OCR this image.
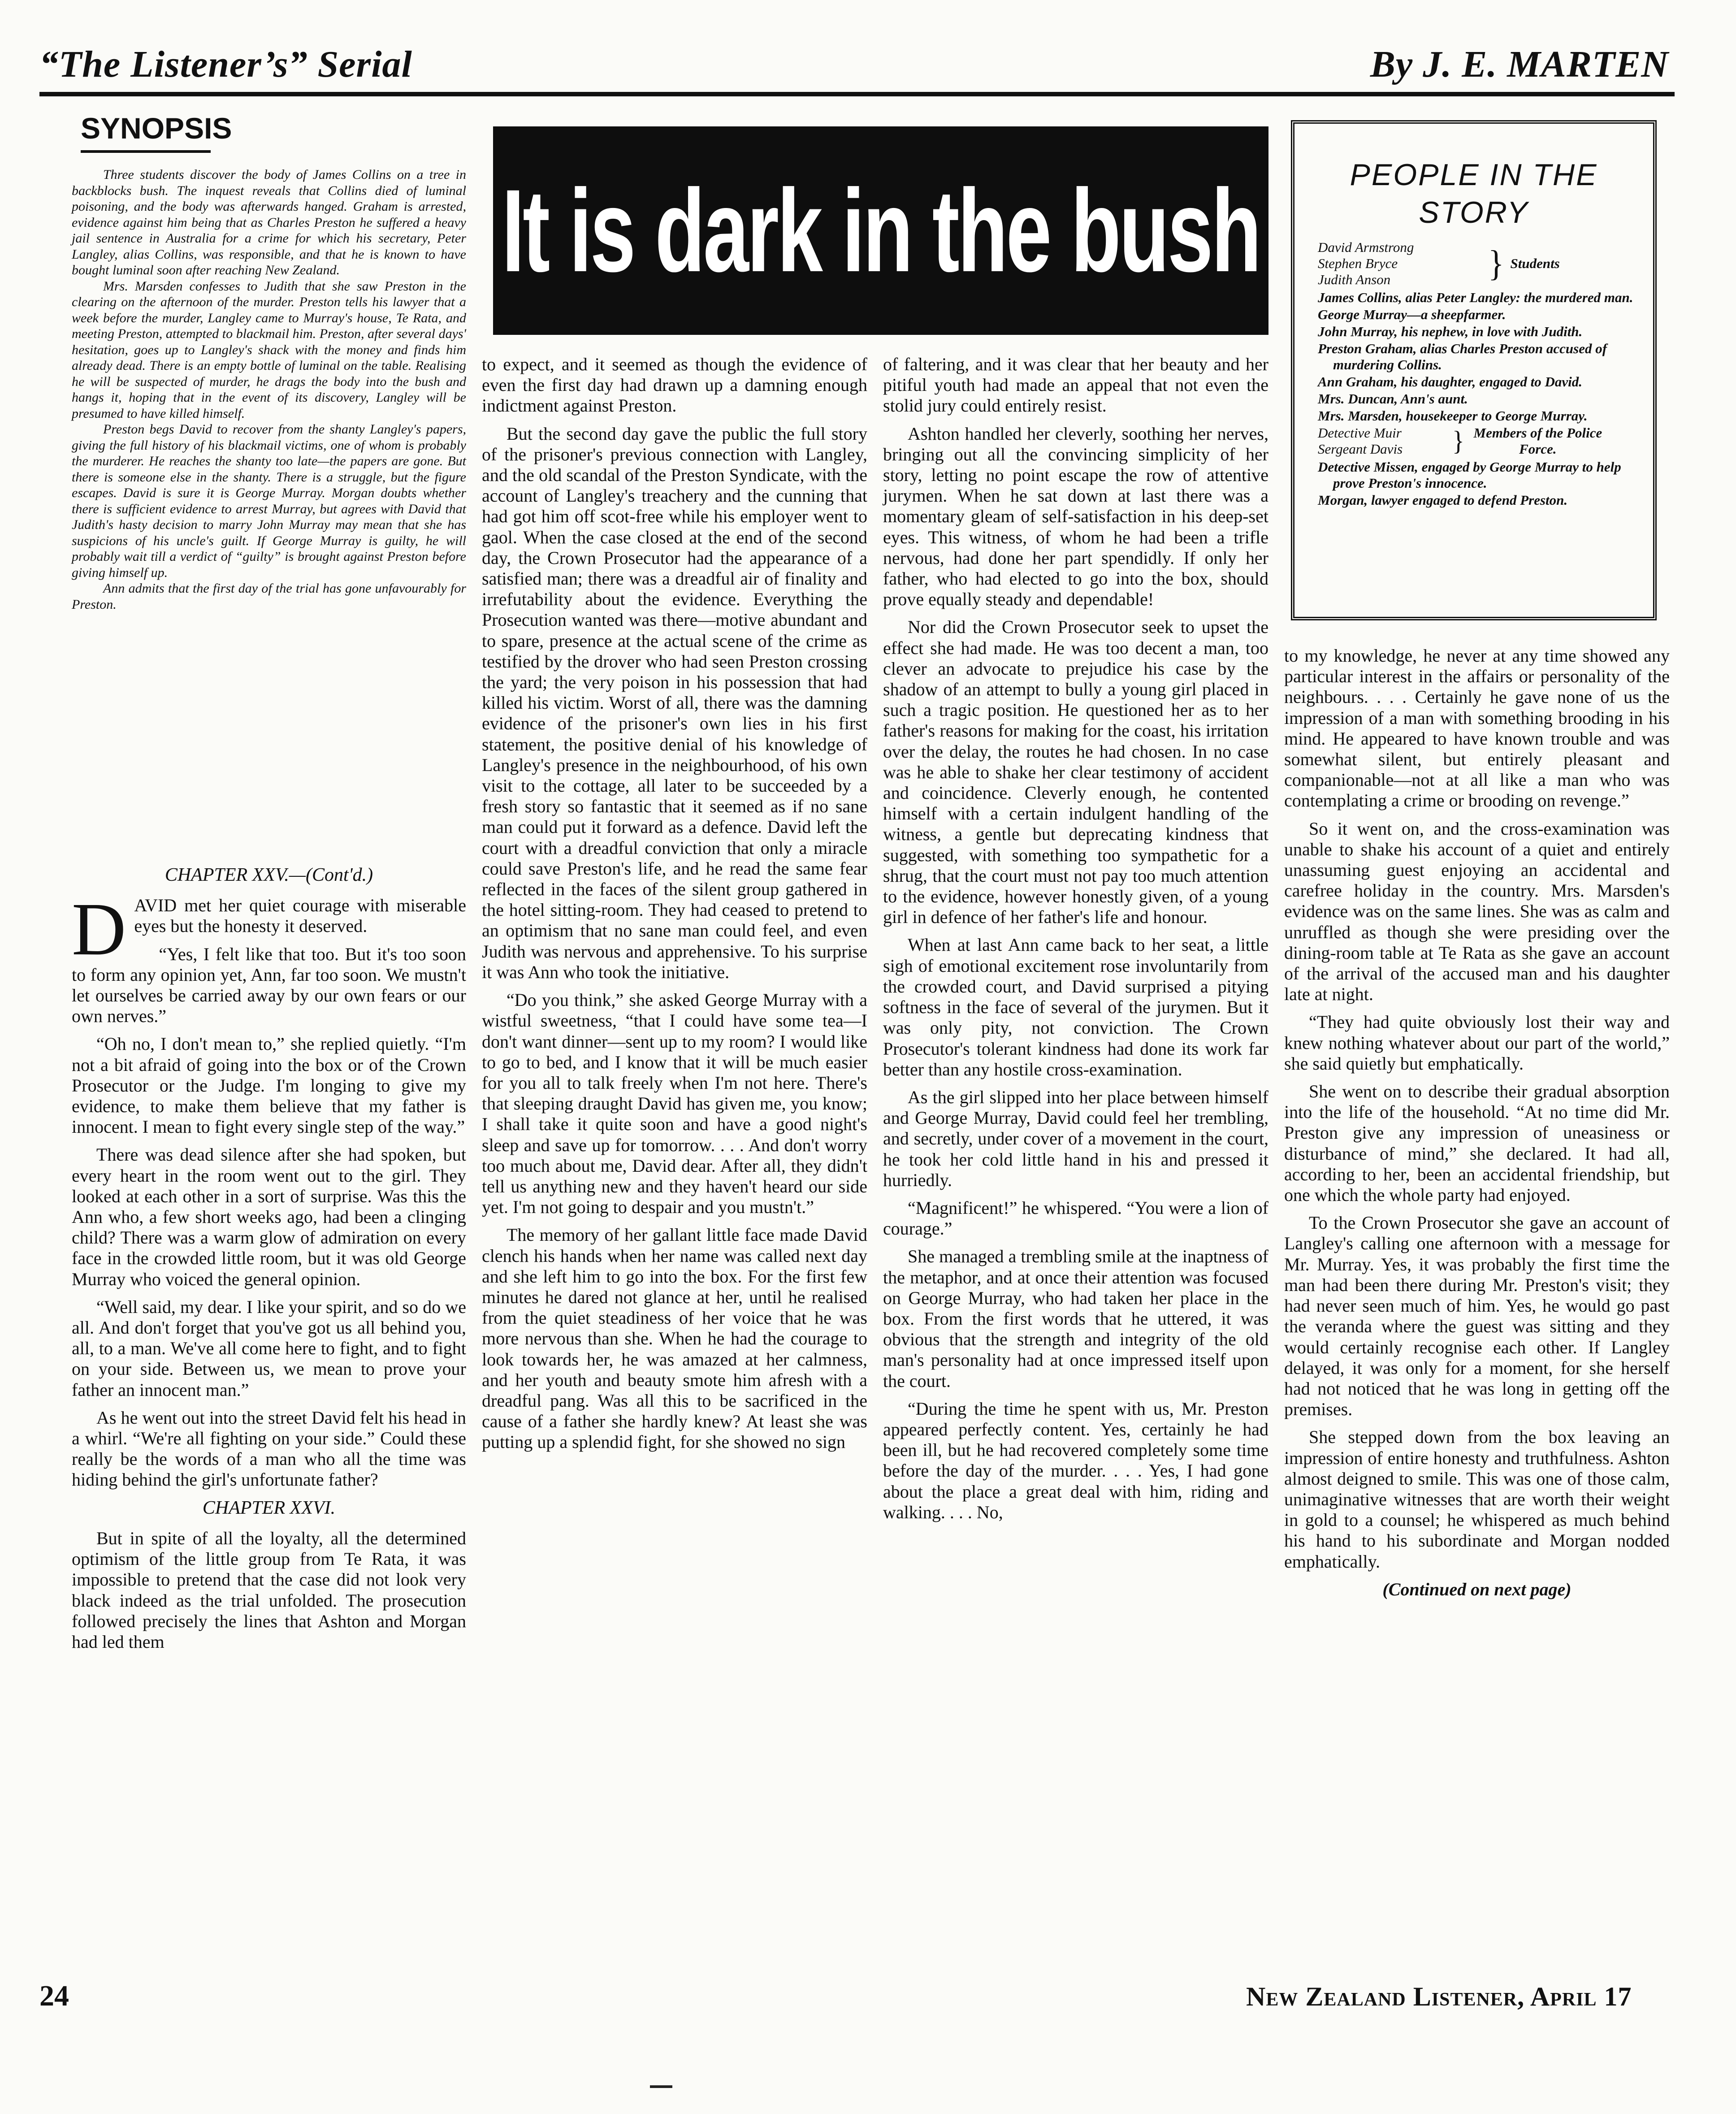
“The Listener’s” Serial	By J. E. MARTEN
SYNOPSIS

Three students discover the body of James Collins on a tree in backblocks bush. The inquest reveals that Collins died of luminal poisoning, and the body was afterwards hanged. Graham is arrested, evidence against him being that as Charles Preston he suffered a heavy jail sentence in Australia for a crime for which his secretary, Peter Langley, alias Collins, was responsible, and that he is known to have bought luminal soon after reaching New Zealand.

Mrs. Marsden confesses to Judith that she saw Preston in the clearing on the afternoon of the murder. Preston tells his lawyer that a week before the murder, Langley came to Murray's house, Te Rata, and meeting Preston, attempted to blackmail him. Preston, after several days' hesitation, goes up to Langley's shack with the money and finds him already dead. There is an empty bottle of luminal on the table. Realising he will be suspected of murder, he drags the body into the bush and hangs it, hoping that in the event of its discovery, Langley will be presumed to have killed himself.

Preston begs David to recover from the shanty Langley's papers, giving the full history of his blackmail victims, one of whom is probably the murderer. He reaches the shanty too late—the papers are gone. But there is someone else in the shanty. There is a struggle, but the figure escapes. David is sure it is George Murray. Morgan doubts whether there is sufficient evidence to arrest Murray, but agrees with David that Judith's hasty decision to marry John Murray may mean that she has suspicions of his uncle's guilt. If George Murray is guilty, he will probably wait till a verdict of “guilty” is brought against Preston before giving himself up.

Ann admits that the first day of the trial has gone unfavourably for Preston.

CHAPTER XXV.—(Cont'd.)

DAVID met her quiet courage with miserable eyes but the honesty it deserved.

“Yes, I felt like that too. But it's too soon to form any opinion yet, Ann, far too soon. We mustn't let ourselves be carried away by our own fears or our own nerves.”

“Oh no, I don't mean to,” she replied quietly. “I'm not a bit afraid of going into the box or of the Crown Prosecutor or the Judge. I'm longing to give my evidence, to make them believe that my father is innocent. I mean to fight every single step of the way.”

There was dead silence after she had spoken, but every heart in the room went out to the girl. They looked at each other in a sort of surprise. Was this the Ann who, a few short weeks ago, had been a clinging child? There was a warm glow of admiration on every face in the crowded little room, but it was old George Murray who voiced the general opinion.

“Well said, my dear. I like your spirit, and so do we all. And don't forget that you've got us all behind you, all, to a man. We've all come here to fight, and to fight on your side. Between us, we mean to prove your father an innocent man.”

As he went out into the street David felt his head in a whirl. “We're all fighting on your side.” Could these really be the words of a man who all the time was hiding behind the girl's unfortunate father?

CHAPTER XXVI.

But in spite of all the loyalty, all the determined optimism of the little group from Te Rata, it was impossible to pretend that the case did not look very black indeed as the trial unfolded. The prosecution followed precisely the lines that Ashton and Morgan had led them

It is dark in the bush

to expect, and it seemed as though the evidence of even the first day had drawn up a damning enough indictment against Preston.

But the second day gave the public the full story of the prisoner's previous connection with Langley, and the old scandal of the Preston Syndicate, with the account of Langley's treachery and the cunning that had got him off scot-free while his employer went to gaol. When the case closed at the end of the second day, the Crown Prosecutor had the appearance of a satisfied man; there was a dreadful air of finality and irrefutability about the evidence. Everything the Prosecution wanted was there—motive abundant and to spare, presence at the actual scene of the crime as testified by the drover who had seen Preston crossing the yard; the very poison in his possession that had killed his victim. Worst of all, there was the damning evidence of the prisoner's own lies in his first statement, the positive denial of his knowledge of Langley's presence in the neighbourhood, of his own visit to the cottage, all later to be succeeded by a fresh story so fantastic that it seemed as if no sane man could put it forward as a defence. David left the court with a dreadful conviction that only a miracle could save Preston's life, and he read the same fear reflected in the faces of the silent group gathered in the hotel sitting-room. They had ceased to pretend to an optimism that no sane man could feel, and even Judith was nervous and apprehensive. To his surprise it was Ann who took the initiative.

“Do you think,” she asked George Murray with a wistful sweetness, “that I could have some tea—I don't want dinner—sent up to my room? I would like to go to bed, and I know that it will be much easier for you all to talk freely when I'm not here. There's that sleeping draught David has given me, you know; I shall take it quite soon and have a good night's sleep and save up for tomorrow. . . . And don't worry too much about me, David dear. After all, they didn't tell us anything new and they haven't heard our side yet. I'm not going to despair and you mustn't.”

The memory of her gallant little face made David clench his hands when her name was called next day and she left him to go into the box. For the first few minutes he dared not glance at her, until he realised from the quiet steadiness of her voice that he was more nervous than she. When he had the courage to look towards her, he was amazed at her calmness, and her youth and beauty smote him afresh with a dreadful pang. Was all this to be sacrificed in the cause of a father she hardly knew? At least she was putting up a splendid fight, for she showed no sign

of faltering, and it was clear that her beauty and her pitiful youth had made an appeal that not even the stolid jury could entirely resist.

Ashton handled her cleverly, soothing her nerves, bringing out all the convincing simplicity of her story, letting no point escape the row of attentive jurymen. When he sat down at last there was a momentary gleam of self-satisfaction in his deep-set eyes. This witness, of whom he had been a trifle nervous, had done her part spendidly. If only her father, who had elected to go into the box, should prove equally steady and dependable!

Nor did the Crown Prosecutor seek to upset the effect she had made. He was too decent a man, too clever an advocate to prejudice his case by the shadow of an attempt to bully a young girl placed in such a tragic position. He questioned her as to her father's reasons for making for the coast, his irritation over the delay, the routes he had chosen. In no case was he able to shake her clear testimony of accident and coincidence. Cleverly enough, he contented himself with a certain indulgent handling of the witness, a gentle but deprecating kindness that suggested, with something too sympathetic for a shrug, that the court must not pay too much attention to the evidence, however honestly given, of a young girl in defence of her father's life and honour.

When at last Ann came back to her seat, a little sigh of emotional excitement rose involuntarily from the crowded court, and David surprised a pitying softness in the face of several of the jurymen. But it was only pity, not conviction. The Crown Prosecutor's tolerant kindness had done its work far better than any hostile cross-examination.

As the girl slipped into her place between himself and George Murray, David could feel her trembling, and secretly, under cover of a movement in the court, he took her cold little hand in his and pressed it hurriedly.

“Magnificent!” he whispered. “You were a lion of courage.”

She managed a trembling smile at the inaptness of the metaphor, and at once their attention was focused on George Murray, who had taken her place in the box. From the first words that he uttered, it was obvious that the strength and integrity of the old man's personality had at once impressed itself upon the court.

“During the time he spent with us, Mr. Preston appeared perfectly content. Yes, certainly he had been ill, but he had recovered completely some time before the day of the murder. . . . Yes, I had gone about the place a great deal with him, riding and walking. . . . No,

PEOPLE IN THE
STORY
David Armstrong
Stephen Bryce
Judith Anson	} Students
James Collins, alias Peter Langley: the murdered man.
George Murray—a sheepfarmer.
John Murray, his nephew, in love with Judith.
Preston Graham, alias Charles Preston accused of murdering Collins.
Ann Graham, his daughter, engaged to David.
Mrs. Duncan, Ann's aunt.
Mrs. Marsden, housekeeper to George Murray.
Detective Muir
Sergeant Davis	} Members of the Police Force.
Detective Missen, engaged by George Murray to help prove Preston's innocence.
Morgan, lawyer engaged to defend Preston.

to my knowledge, he never at any time showed any particular interest in the affairs or personality of the neighbours. . . . Certainly he gave none of us the impression of a man with something brooding in his mind. He appeared to have known trouble and was somewhat silent, but entirely pleasant and companionable—not at all like a man who was contemplating a crime or brooding on revenge.”

So it went on, and the cross-examination was unable to shake his account of a quiet and entirely unassuming guest enjoying an accidental and carefree holiday in the country. Mrs. Marsden's evidence was on the same lines. She was as calm and unruffled as though she were presiding over the dining-room table at Te Rata as she gave an account of the arrival of the accused man and his daughter late at night.

“They had quite obviously lost their way and knew nothing whatever about our part of the world,” she said quietly but emphatically.

She went on to describe their gradual absorption into the life of the household. “At no time did Mr. Preston give any impression of uneasiness or disturbance of mind,” she declared. It had all, according to her, been an accidental friendship, but one which the whole party had enjoyed.

To the Crown Prosecutor she gave an account of Langley's calling one afternoon with a message for Mr. Murray. Yes, it was probably the first time the man had been there during Mr. Preston's visit; they had never seen much of him. Yes, he would go past the veranda where the guest was sitting and they would certainly recognise each other. If Langley delayed, it was only for a moment, for she herself had not noticed that he was long in getting off the premises.

She stepped down from the box leaving an impression of entire honesty and truthfulness. Ashton almost deigned to smile. This was one of those calm, unimaginative witnesses that are worth their weight in gold to a counsel; he whispered as much behind his hand to his subordinate and Morgan nodded emphatically.

(Continued on next page)

24	New Zealand Listener, April 17
